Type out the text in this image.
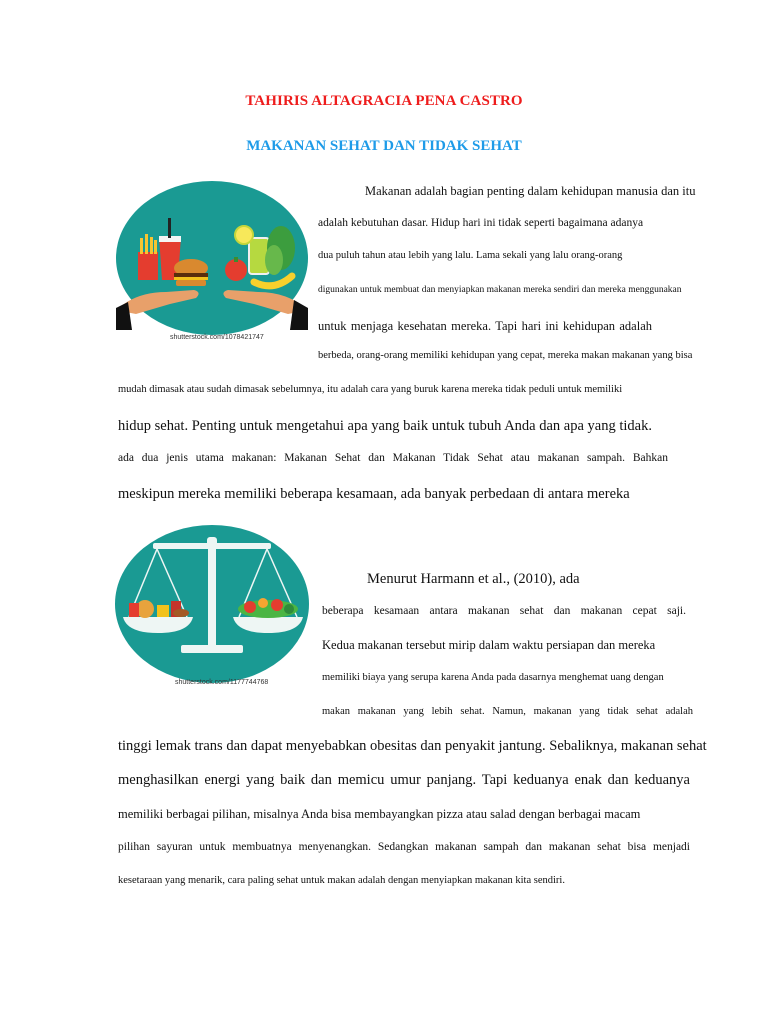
TAHIRIS ALTAGRACIA PENA CASTRO
MAKANAN SEHAT DAN TIDAK SEHAT
shutterstock.com/1078421747
shutterstock.com/1177744768
Makanan adalah bagian penting dalam kehidupan manusia dan itu
adalah kebutuhan dasar. Hidup hari ini tidak seperti bagaimana adanya
dua puluh tahun atau lebih yang lalu. Lama sekali yang lalu orang-orang
digunakan untuk membuat dan menyiapkan makanan mereka sendiri dan mereka menggunakan
untuk menjaga kesehatan mereka. Tapi hari ini kehidupan adalah
berbeda, orang-orang memiliki kehidupan yang cepat, mereka makan makanan yang bisa
mudah dimasak atau sudah dimasak sebelumnya, itu adalah cara yang buruk karena mereka tidak peduli untuk memiliki
hidup sehat. Penting untuk mengetahui apa yang baik untuk tubuh Anda dan apa yang tidak.
ada dua jenis utama makanan: Makanan Sehat dan Makanan Tidak Sehat atau makanan sampah. Bahkan
meskipun mereka memiliki beberapa kesamaan, ada banyak perbedaan di antara mereka
Menurut Harmann et al., (2010), ada
beberapa kesamaan antara makanan sehat dan makanan cepat saji.
Kedua makanan tersebut mirip dalam waktu persiapan dan mereka
memiliki biaya yang serupa karena Anda pada dasarnya menghemat uang dengan
makan makanan yang lebih sehat. Namun, makanan yang tidak sehat adalah
tinggi lemak trans dan dapat menyebabkan obesitas dan penyakit jantung. Sebaliknya, makanan sehat
menghasilkan energi yang baik dan memicu umur panjang. Tapi keduanya enak dan keduanya
memiliki berbagai pilihan, misalnya Anda bisa membayangkan pizza atau salad dengan berbagai macam
pilihan sayuran untuk membuatnya menyenangkan. Sedangkan makanan sampah dan makanan sehat bisa menjadi
kesetaraan yang menarik, cara paling sehat untuk makan adalah dengan menyiapkan makanan kita sendiri.
